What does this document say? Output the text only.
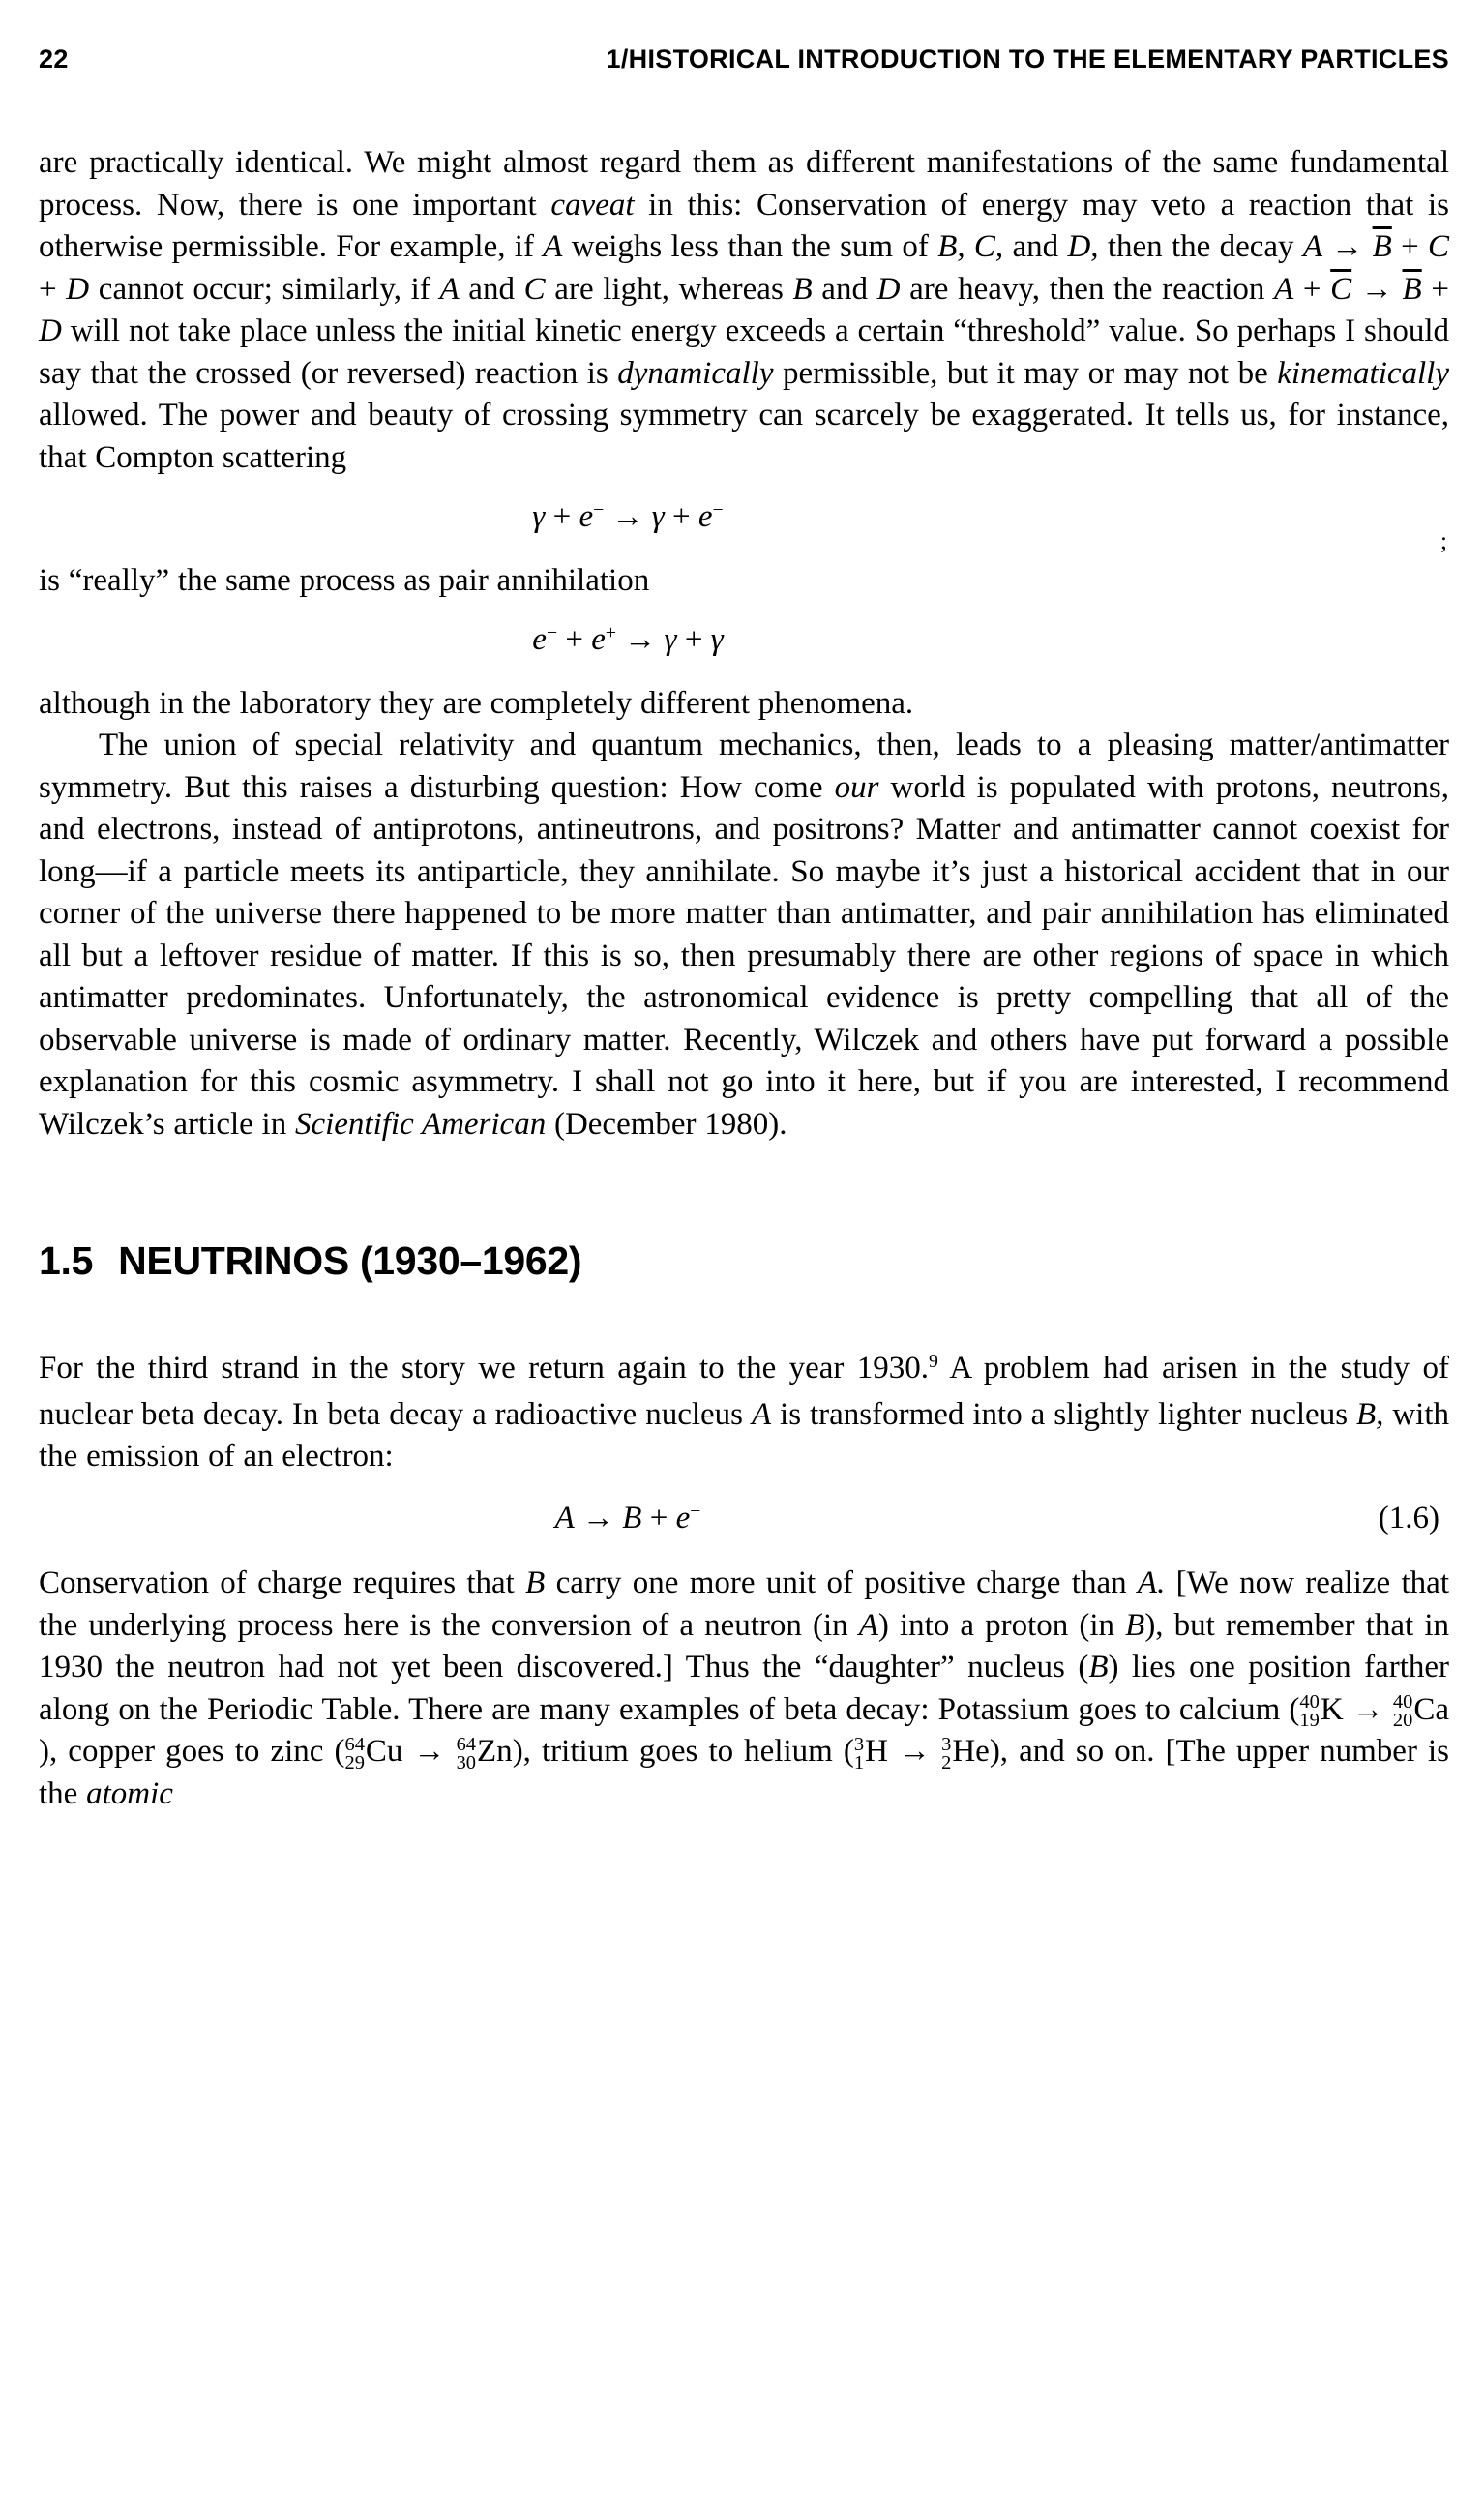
22	1/HISTORICAL INTRODUCTION TO THE ELEMENTARY PARTICLES

are practically identical. We might almost regard them as different manifestations of the same fundamental process. Now, there is one important caveat in this: Conservation of energy may veto a reaction that is otherwise permissible. For example, if A weighs less than the sum of B, C, and D, then the decay $A \to \overline{B} + C + D$ cannot occur; similarly, if A and C are light, whereas B and D are heavy, then the reaction $A + \overline{C} \to \overline{B} + D$ will not take place unless the initial kinetic energy exceeds a certain “threshold” value. So perhaps I should say that the crossed (or reversed) reaction is dynamically permissible, but it may or may not be kinematically allowed. The power and beauty of crossing symmetry can scarcely be exaggerated. It tells us, for instance, that Compton scattering

γ + e− → γ + e−

is “really” the same process as pair annihilation

e− + e+ → γ + γ

although in the laboratory they are completely different phenomena.

The union of special relativity and quantum mechanics, then, leads to a pleasing matter/antimatter symmetry. But this raises a disturbing question: How come our world is populated with protons, neutrons, and electrons, instead of antiprotons, antineutrons, and positrons? Matter and antimatter cannot coexist for long—if a particle meets its antiparticle, they annihilate. So maybe it’s just a historical accident that in our corner of the universe there happened to be more matter than antimatter, and pair annihilation has eliminated all but a leftover residue of matter. If this is so, then presumably there are other regions of space in which antimatter predominates. Unfortunately, the astronomical evidence is pretty compelling that all of the observable universe is made of ordinary matter. Recently, Wilczek and others have put forward a possible explanation for this cosmic asymmetry. I shall not go into it here, but if you are interested, I recommend Wilczek’s article in Scientific American (December 1980).

1.5 NEUTRINOS (1930–1962)

For the third strand in the story we return again to the year 1930.$^9$ A problem had arisen in the study of nuclear beta decay. In beta decay a radioactive nucleus A is transformed into a slightly lighter nucleus B, with the emission of an electron:

A → B + e−	(1.6)

Conservation of charge requires that B carry one more unit of positive charge than A. [We now realize that the underlying process here is the conversion of a neutron (in A) into a proton (in B), but remember that in 1930 the neutron had not yet been discovered.] Thus the “daughter” nucleus (B) lies one position farther along on the Periodic Table. There are many examples of beta decay: Potassium goes to calcium ( 40
19 K → 40
20 Ca), copper goes to zinc ( 64
29 Cu → 64
30 Zn), tritium goes to helium ( 3
1 H → 3
2 He), and so on. [The upper number is the atomic

;
